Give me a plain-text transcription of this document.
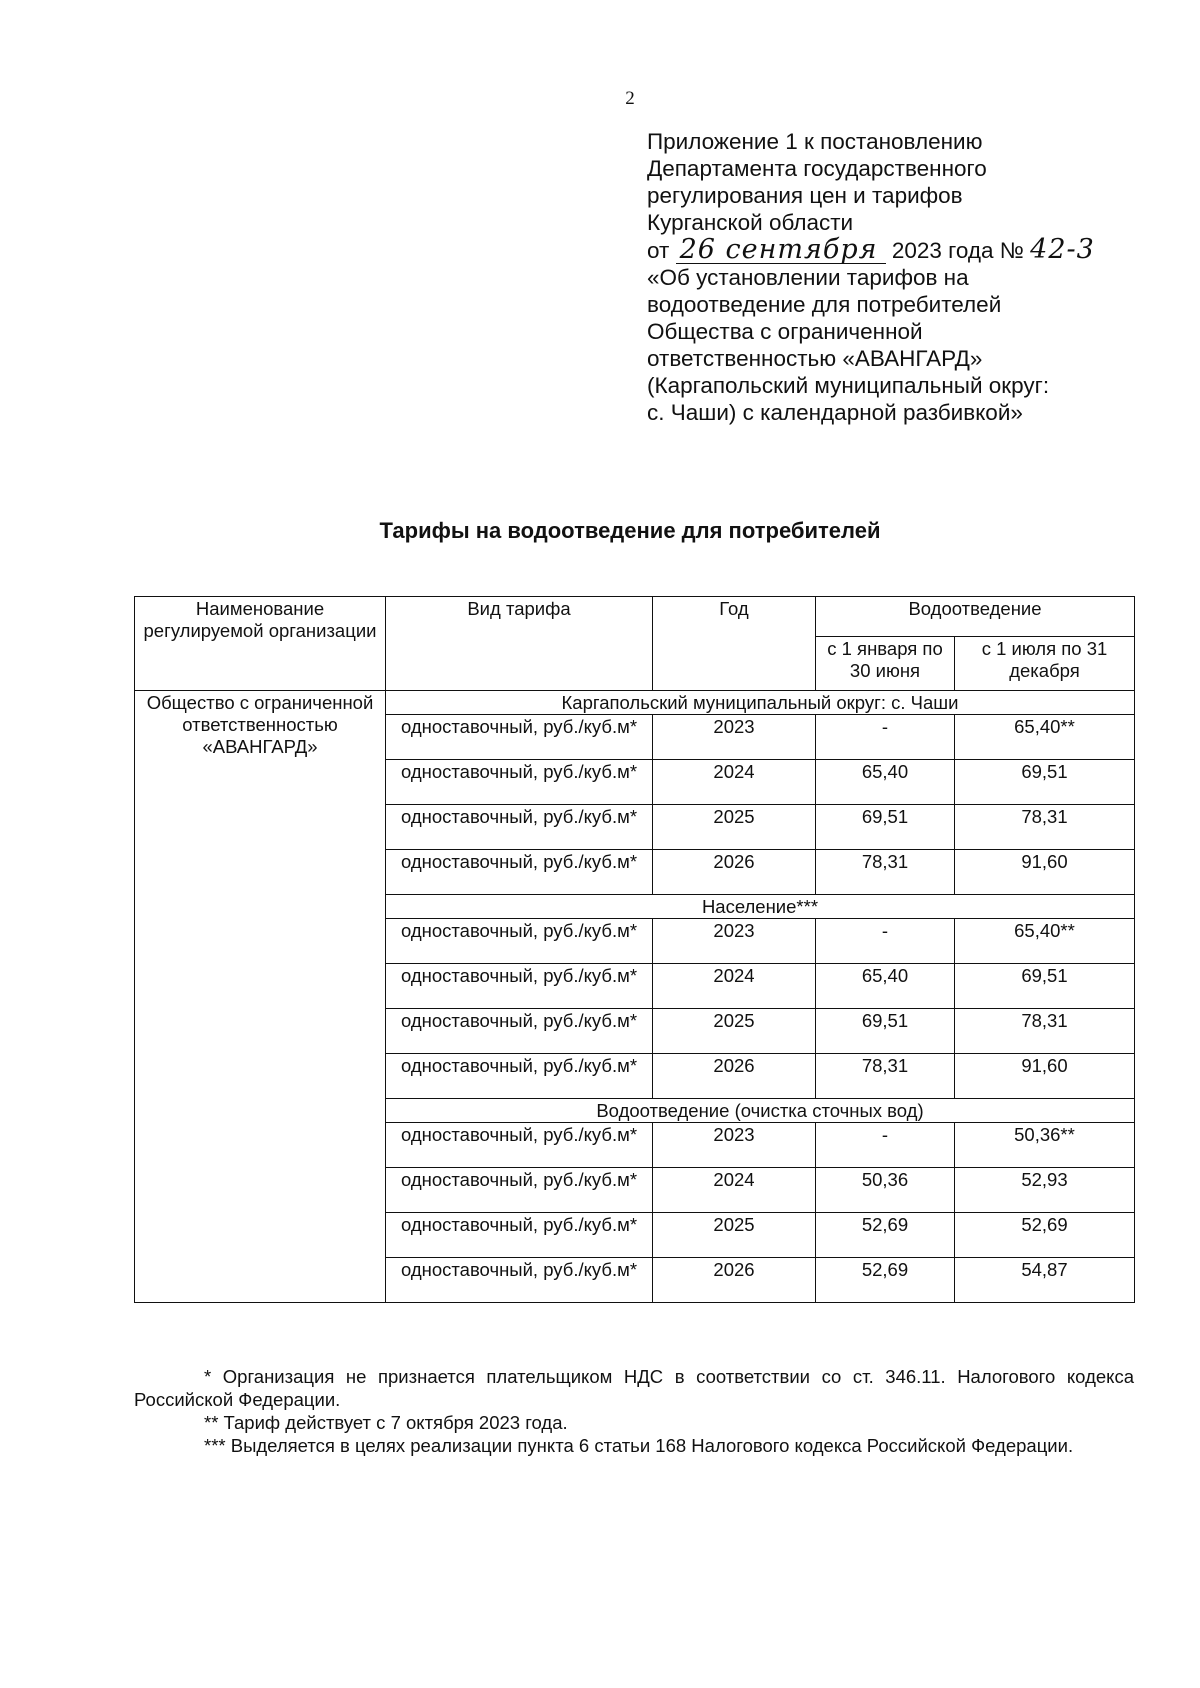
2
Приложение 1 к постановлению
Департамента государственного
регулирования цен и тарифов
Курганской области
от 26 сентября 2023 года № 42-3
«Об установлении тарифов на
водоотведение для потребителей
Общества с ограниченной
ответственностью «АВАНГАРД»
(Каргапольский муниципальный округ:
с. Чаши) с календарной разбивкой»
Тарифы на водоотведение для потребителей
Наименование регулируемой организации	Вид тарифа	Год	Водоотведение	
			с 1 января по 30 июня	с 1 июля по 31 декабря
Общество с ограниченной ответственностью «АВАНГАРД»	Каргапольский муниципальный округ: с. Чаши			
	одноставочный, руб./куб.м*	2023	-	65,40**
	одноставочный, руб./куб.м*	2024	65,40	69,51
	одноставочный, руб./куб.м*	2025	69,51	78,31
	одноставочный, руб./куб.м*	2026	78,31	91,60
	Население***			
	одноставочный, руб./куб.м*	2023	-	65,40**
	одноставочный, руб./куб.м*	2024	65,40	69,51
	одноставочный, руб./куб.м*	2025	69,51	78,31
	одноставочный, руб./куб.м*	2026	78,31	91,60
	Водоотведение (очистка сточных вод)			
	одноставочный, руб./куб.м*	2023	-	50,36**
	одноставочный, руб./куб.м*	2024	50,36	52,93
	одноставочный, руб./куб.м*	2025	52,69	52,69
	одноставочный, руб./куб.м*	2026	52,69	54,87

* Организация не признается плательщиком НДС в соответствии со ст. 346.11. Налогового кодекса Российской Федерации.

** Тариф действует с 7 октября 2023 года.

*** Выделяется в целях реализации пункта 6 статьи 168 Налогового кодекса Российской Федерации.
